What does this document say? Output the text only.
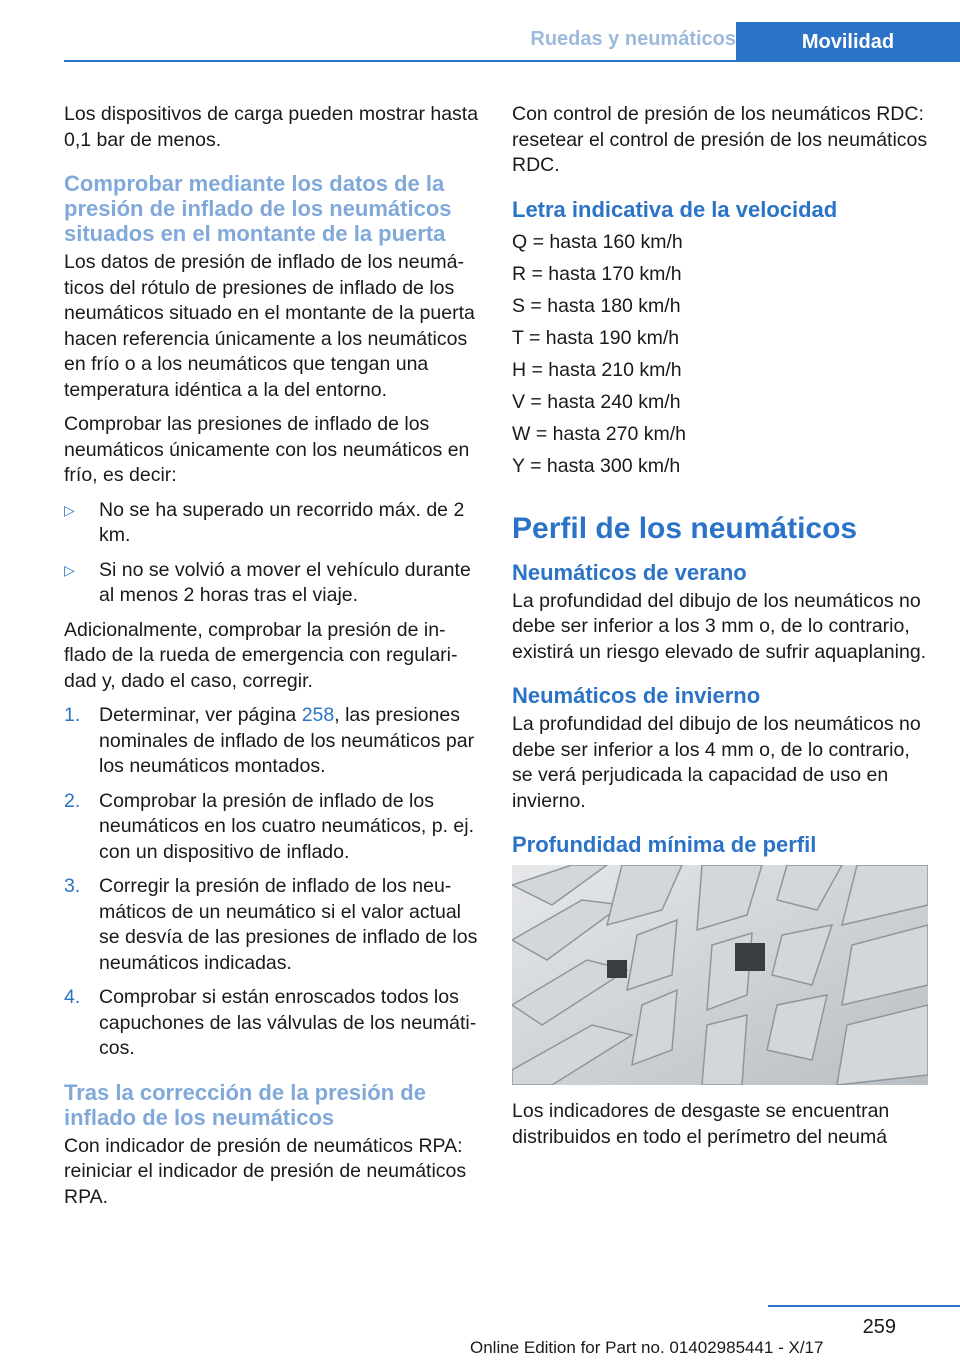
Ruedas y neumáticos	Movilidad

Los dispositivos de carga pueden mostrar hasta 0,1 bar de menos.

Comprobar mediante los datos de la presión de inflado de los neumáticos situados en el montante de la puerta

Los datos de presión de inflado de los neumáticos del rótulo de presiones de inflado de los neumáticos situado en el montante de la puerta hacen referencia únicamente a los neumáticos en frío o a los neumáticos que tengan una temperatura idéntica a la del entorno.

Comprobar las presiones de inflado de los neumáticos únicamente con los neumáticos en frío, es decir:

▷ No se ha superado un recorrido máx. de 2 km.
▷ Si no se volvió a mover el vehículo durante al menos 2 horas tras el viaje.

Adicionalmente, comprobar la presión de inflado de la rueda de emergencia con regularidad y, dado el caso, corregir.

1. Determinar, ver página 258, las presiones nominales de inflado de los neumáticos par los neumáticos montados.
2. Comprobar la presión de inflado de los neumáticos en los cuatro neumáticos, p. ej. con un dispositivo de inflado.
3. Corregir la presión de inflado de los neumáticos de un neumático si el valor actual se desvía de las presiones de inflado de los neumáticos indicadas.
4. Comprobar si están enroscados todos los capuchones de las válvulas de los neumáticos.
Tras la corrección de la presión de inflado de los neumáticos

Con indicador de presión de neumáticos RPA: reiniciar el indicador de presión de neumáticos RPA.

Con control de presión de los neumáticos RDC: resetear el control de presión de los neumáticos RDC.

Letra indicativa de la velocidad

Q = hasta 160 km/h

R = hasta 170 km/h

S = hasta 180 km/h

T = hasta 190 km/h

H = hasta 210 km/h

V = hasta 240 km/h

W = hasta 270 km/h

Y = hasta 300 km/h

Perfil de los neumáticos
Neumáticos de verano

La profundidad del dibujo de los neumáticos no debe ser inferior a los 3 mm o, de lo contrario, existirá un riesgo elevado de sufrir aquaplaning.

Neumáticos de invierno

La profundidad del dibujo de los neumáticos no debe ser inferior a los 4 mm o, de lo contrario, se verá perjudicada la capacidad de uso en invierno.

Profundidad mínima de perfil

Los indicadores de desgaste se encuentran distribuidos en todo el perímetro del neumá

259
Online Edition for Part no. 01402985441 - X/17
